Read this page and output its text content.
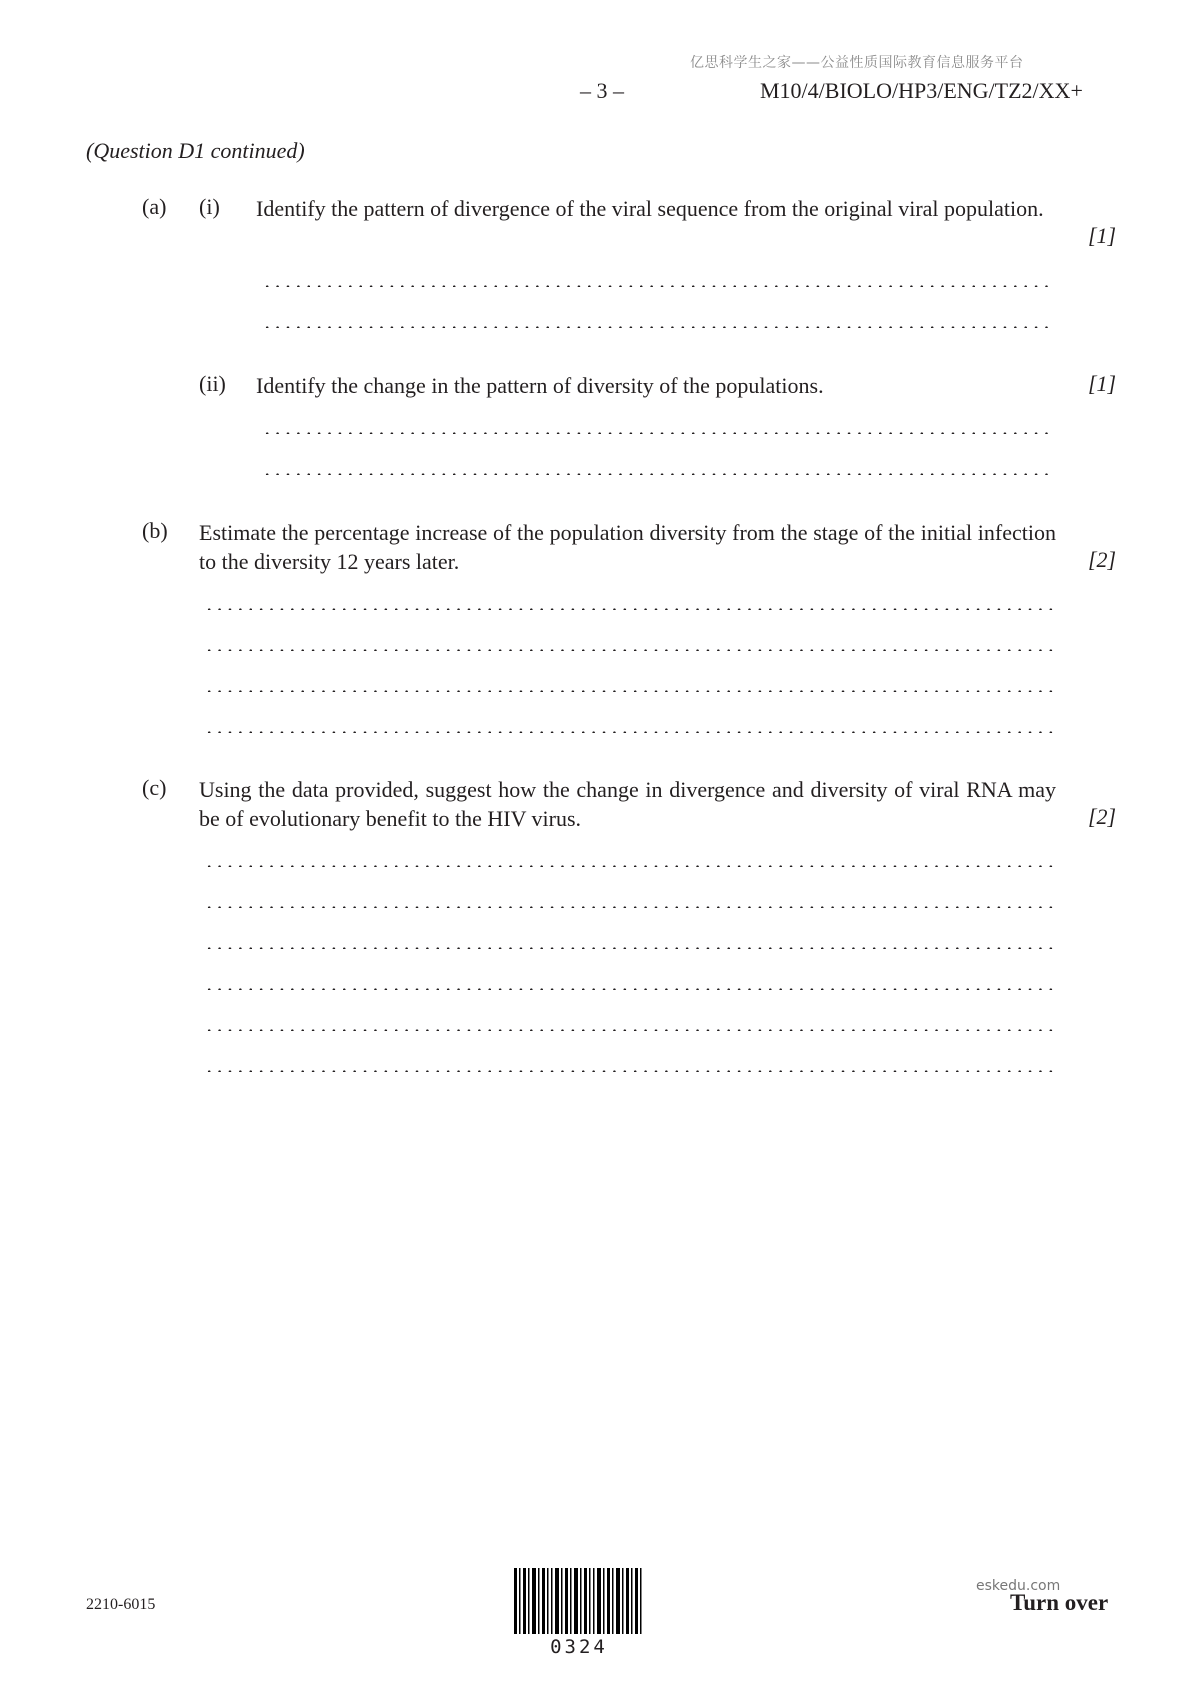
亿思科学生之家——公益性质国际教育信息服务平台
– 3 –	M10/4/BIOLO/HP3/ENG/TZ2/XX+
(Question D1 continued)
(a) (i) Identify the pattern of divergence of the viral sequence from the original viral population.
[1]
(ii) Identify the change in the pattern of diversity of the populations.	[1]
(b) Estimate the percentage increase of the population diversity from the stage of the initial infection to the diversity 12 years later.	[2]
(c) Using the data provided, suggest how the change in divergence and diversity of viral RNA may be of evolutionary benefit to the HIV virus.	[2]
2210-6015
0324
eskedu.com
Turn over
